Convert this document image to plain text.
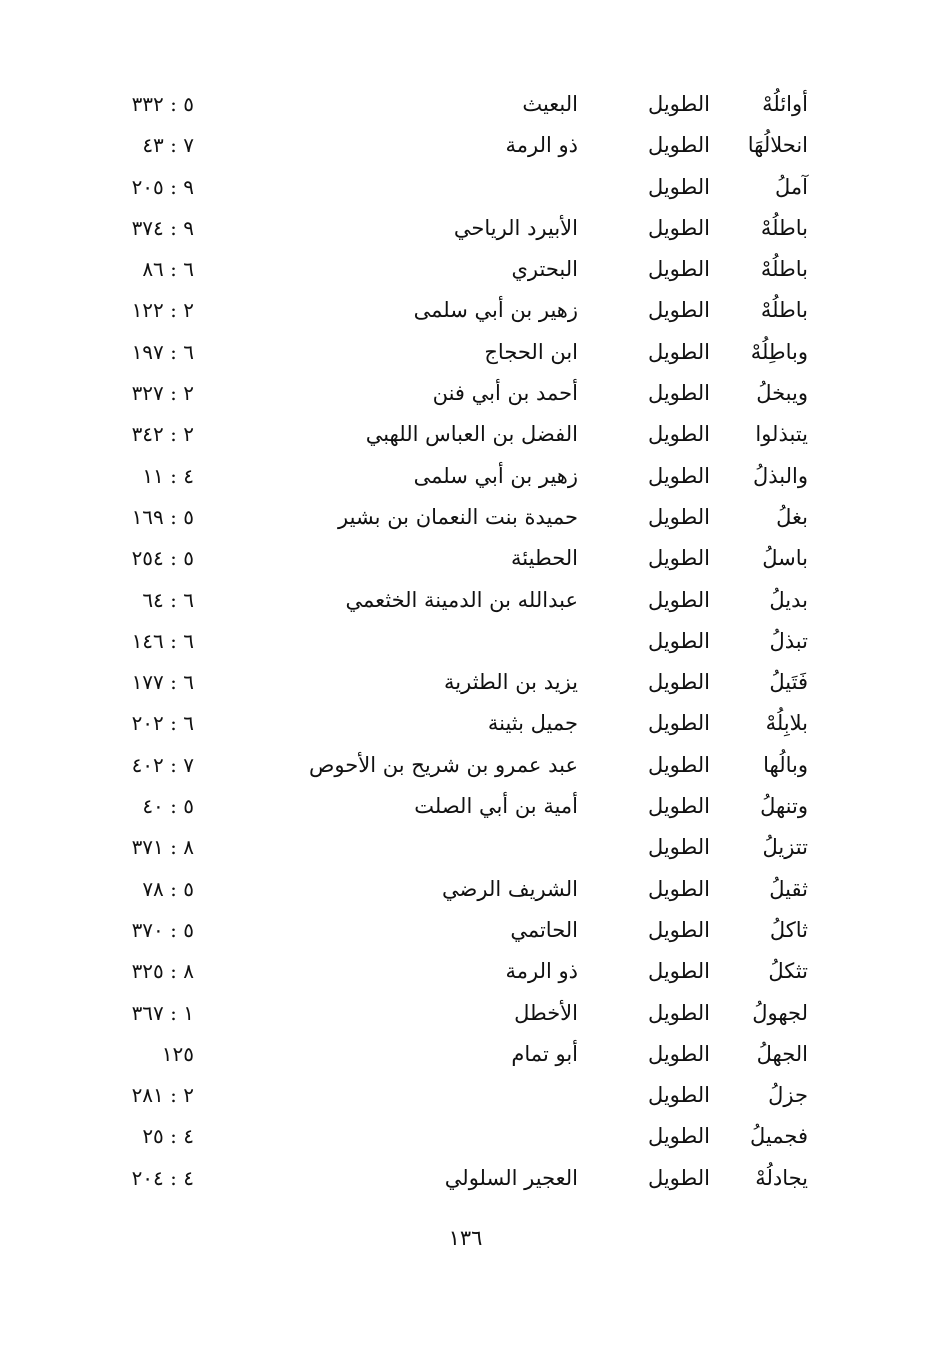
أوائلُهْ
الطويل
البعيث
٥ : ٣٣٢
انحلالُهَا
الطويل
ذو الرمة
٧ : ٤٣
آملُ
الطويل
٩ : ٢٠٥
باطلُهْ
الطويل
الأبيرد الرياحي
٩ : ٣٧٤
باطلُهْ
الطويل
البحتري
٦ : ٨٦
باطلُهْ
الطويل
زهير بن أبي سلمى
٢ : ١٢٢
وباطِلُهْ
الطويل
ابن الحجاج
٦ : ١٩٧
ويبخلُ
الطويل
أحمد بن أبي فنن
٢ : ٣٢٧
يتبذلوا
الطويل
الفضل بن العباس اللهبي
٢ : ٣٤٢
والبذلُ
الطويل
زهير بن أبي سلمى
٤ : ١١
بغلُ
الطويل
حميدة بنت النعمان بن بشير
٥ : ١٦٩
باسلُ
الطويل
الحطيئة
٥ : ٢٥٤
بديلُ
الطويل
عبدالله بن الدمينة الخثعمي
٦ : ٦٤
تبذلُ
الطويل
٦ : ١٤٦
فَتَيلُ
الطويل
يزيد بن الطثرية
٦ : ١٧٧
بلابِلُهْ
الطويل
جميل بثينة
٦ : ٢٠٢
وبالُها
الطويل
عبد عمرو بن شريح بن الأحوص
٧ : ٤٠٢
وتنهلُ
الطويل
أمية بن أبي الصلت
٥ : ٤٠
تتزيلُ
الطويل
٨ : ٣٧١
ثقيلُ
الطويل
الشريف الرضي
٥ : ٧٨
ثاكلُ
الطويل
الحاتمي
٥ : ٣٧٠
تثكلُ
الطويل
ذو الرمة
٨ : ٣٢٥
لجهولُ
الطويل
الأخطل
١ : ٣٦٧
الجهلُ
الطويل
أبو تمام
١٢٥
جزلُ
الطويل
٢ : ٢٨١
فجميلُ
الطويل
٤ : ٢٥
يجادلُهْ
الطويل
العجير السلولي
٤ : ٢٠٤
١٣٦
